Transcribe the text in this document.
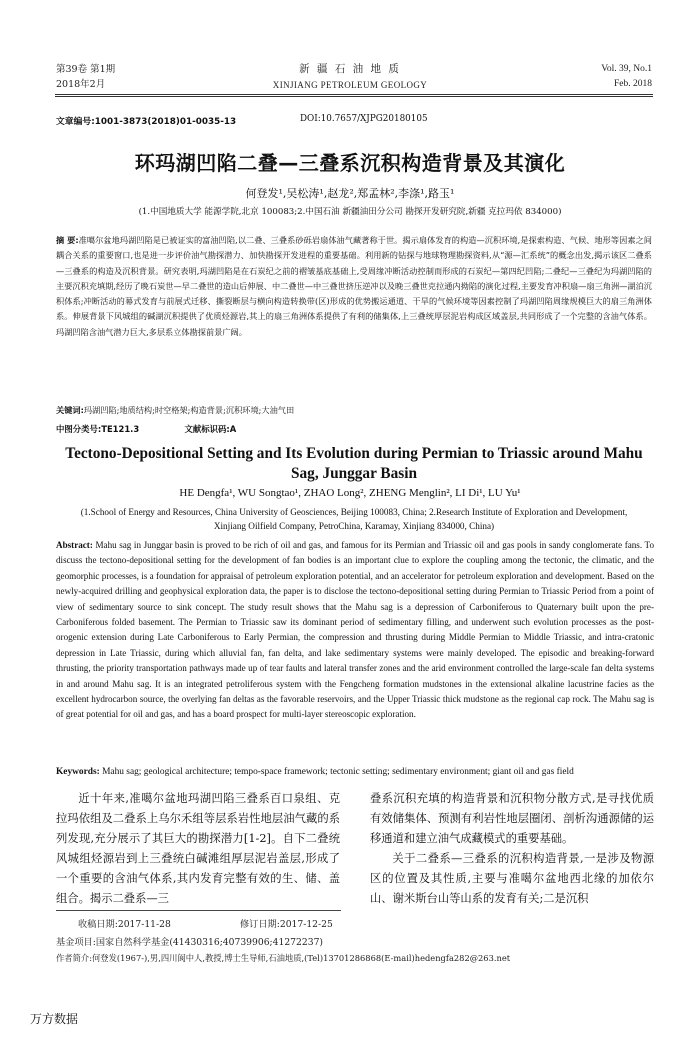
第39卷 第1期
2018年2月
新 疆 石 油 地 质
XINJIANG PETROLEUM GEOLOGY
Vol. 39, No.1
Feb. 2018
文章编号:1001-3873(2018)01-0035-13	DOI:10.7657/XJPG20180105
环玛湖凹陷二叠—三叠系沉积构造背景及其演化
何登发¹,吴松涛¹,赵龙²,郑孟林²,李涤¹,路玉¹
(1.中国地质大学 能源学院,北京 100083;2.中国石油 新疆油田分公司 勘探开发研究院,新疆 克拉玛依 834000)
摘 要:准噶尔盆地玛湖凹陷是已被证实的富油凹陷,以二叠、三叠系砂砾岩扇体油气藏著称于世。揭示扇体发育的构造—沉积环境,是探索构造、气候、地形等因素之间耦合关系的重要窗口,也是进一步评价油气勘探潜力、加快勘探开发进程的重要基础。利用新的钻探与地球物理勘探资料,从“源—汇系统”的概念出发,揭示该区二叠系—三叠系的构造及沉积背景。研究表明,玛湖凹陷是在石炭纪之前的褶皱基底基础上,受周缘冲断活动控制而形成的石炭纪—第四纪凹陷;二叠纪—三叠纪为玛湖凹陷的主要沉积充填期,经历了晚石炭世—早二叠世的造山后伸展、中二叠世—中三叠世挤压逆冲以及晚三叠世克拉通内拗陷的演化过程,主要发育冲积扇—扇三角洲—湖泊沉积体系;冲断活动的幕式发育与前展式迁移、撕裂断层与横向构造转换带(区)形成的优势搬运通道、干旱的气候环境等因素控制了玛湖凹陷周缘规模巨大的扇三角洲体系。伸展背景下风城组的碱湖沉积提供了优质烃源岩,其上的扇三角洲体系提供了有利的储集体,上三叠统厚层泥岩构成区域盖层,共同形成了一个完整的含油气体系。玛湖凹陷含油气潜力巨大,多层系立体勘探前景广阔。
关键词:玛湖凹陷;地质结构;时空格架;构造背景;沉积环境;大油气田
中图分类号:TE121.3	文献标识码:A
Tectono-Depositional Setting and Its Evolution during Permian to Triassic around Mahu Sag, Junggar Basin
HE Dengfa¹, WU Songtao¹, ZHAO Long², ZHENG Menglin², LI Di¹, LU Yu¹
(1.School of Energy and Resources, China University of Geosciences, Beijing 100083, China; 2.Research Institute of Exploration and Development, Xinjiang Oilfield Company, PetroChina, Karamay, Xinjiang 834000, China)
Abstract: Mahu sag in Junggar basin is proved to be rich of oil and gas, and famous for its Permian and Triassic oil and gas pools in sandy conglomerate fans. To discuss the tectono-depositional setting for the development of fan bodies is an important clue to explore the coupling among the tectonic, the climatic, and the geomorphic processes, is a foundation for appraisal of petroleum exploration potential, and an accelerator for petroleum exploration and development. Based on the newly-acquired drilling and geophysical exploration data, the paper is to disclose the tectono-depositional setting during Permian to Triassic Period from a point of view of sedimentary source to sink concept. The study result shows that the Mahu sag is a depression of Carboniferous to Quaternary built upon the pre-Carboniferous folded basement. The Permian to Triassic saw its dominant period of sedimentary filling, and underwent such evolution processes as the post-orogenic extension during Late Carboniferous to Early Permian, the compression and thrusting during Middle Permian to Middle Triassic, and intra-cratonic depression in Late Triassic, during which alluvial fan, fan delta, and lake sedimentary systems were mainly developed. The episodic and breaking-forward thrusting, the priority transportation pathways made up of tear faults and lateral transfer zones and the arid environment controlled the large-scale fan delta systems in and around Mahu sag. It is an integrated petroliferous system with the Fengcheng formation mudstones in the extensional alkaline lacustrine facies as the excellent hydrocarbon source, the overlying fan deltas as the favorable reservoirs, and the Upper Triassic thick mudstone as the regional cap rock. The Mahu sag is of great potential for oil and gas, and has a board prospect for multi-layer stereoscopic exploration.
Keywords: Mahu sag; geological architecture; tempo-space framework; tectonic setting; sedimentary environment; giant oil and gas field
近十年来,准噶尔盆地玛湖凹陷三叠系百口泉组、克拉玛依组及二叠系上乌尔禾组等层系岩性地层油气藏的系列发现,充分展示了其巨大的勘探潜力[1-2]。自下二叠统风城组烃源岩到上三叠统白碱滩组厚层泥岩盖层,形成了一个重要的含油气体系,其内发育完整有效的生、储、盖组合。揭示二叠系—三
叠系沉积充填的构造背景和沉积物分散方式,是寻找优质有效储集体、预测有利岩性地层圈闭、剖析沟通源储的运移通道和建立油气成藏模式的重要基础。
关于二叠系—三叠系的沉积构造背景,一是涉及物源区的位置及其性质,主要与准噶尔盆地西北缘的加依尔山、谢米斯台山等山系的发育有关;二是沉积
收稿日期:2017-11-28	修订日期:2017-12-25
基金项目:国家自然科学基金(41430316;40739906;41272237)
作者简介:何登发(1967-),男,四川阆中人,教授,博士生导师,石油地质,(Tel)13701286868(E-mail)hedengfa282@263.net
万方数据
